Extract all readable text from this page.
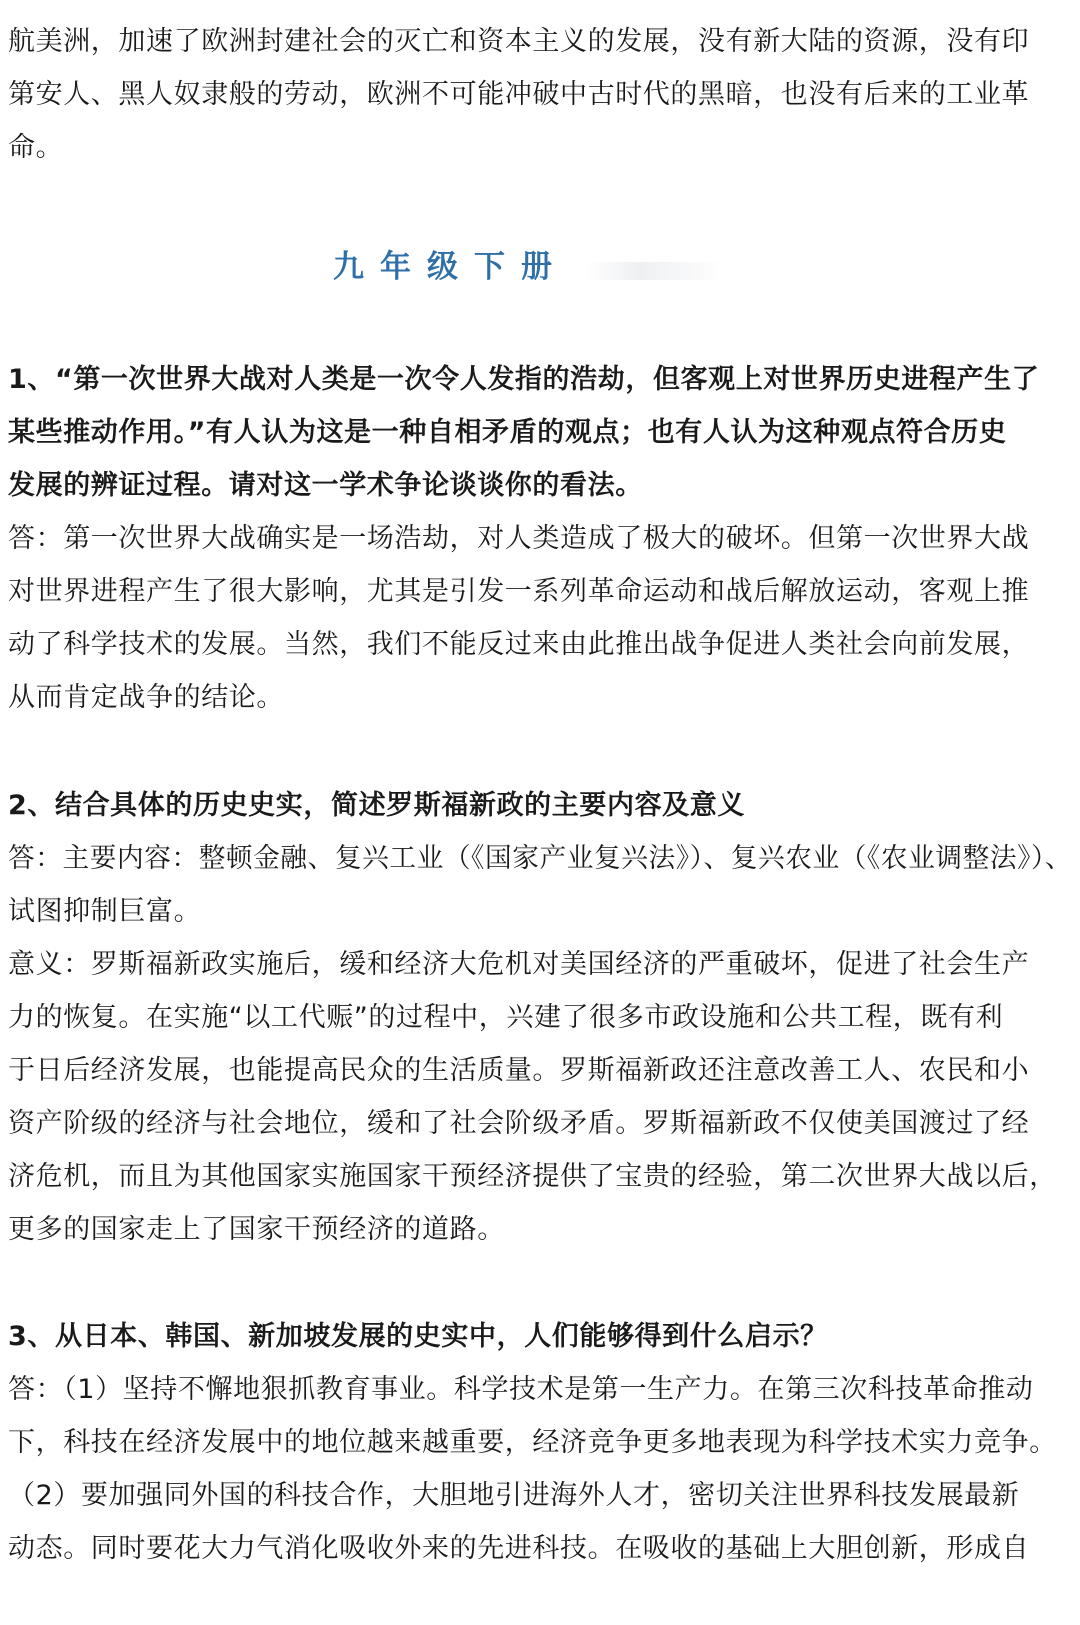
航美洲，加速了欧洲封建社会的灭亡和资本主义的发展，没有新大陆的资源，没有印
第安人、黑人奴隶般的劳动，欧洲不可能冲破中古时代的黑暗，也没有后来的工业革
命。
九年级下册
1、“第一次世界大战对人类是一次令人发指的浩劫，但客观上对世界历史进程产生了
某些推动作用。”有人认为这是一种自相矛盾的观点；也有人认为这种观点符合历史
发展的辨证过程。请对这一学术争论谈谈你的看法。
答：第一次世界大战确实是一场浩劫，对人类造成了极大的破坏。但第一次世界大战
对世界进程产生了很大影响，尤其是引发一系列革命运动和战后解放运动，客观上推
动了科学技术的发展。当然，我们不能反过来由此推出战争促进人类社会向前发展，
从而肯定战争的结论。
2、结合具体的历史史实，简述罗斯福新政的主要内容及意义
答：主要内容：整顿金融、复兴工业（《国家产业复兴法》）、复兴农业（《农业调整法》）、
试图抑制巨富。
意义：罗斯福新政实施后，缓和经济大危机对美国经济的严重破坏，促进了社会生产
力的恢复。在实施“以工代赈”的过程中，兴建了很多市政设施和公共工程，既有利
于日后经济发展，也能提高民众的生活质量。罗斯福新政还注意改善工人、农民和小
资产阶级的经济与社会地位，缓和了社会阶级矛盾。罗斯福新政不仅使美国渡过了经
济危机，而且为其他国家实施国家干预经济提供了宝贵的经验，第二次世界大战以后，
更多的国家走上了国家干预经济的道路。
3、从日本、韩国、新加坡发展的史实中，人们能够得到什么启示？
答：（1）坚持不懈地狠抓教育事业。科学技术是第一生产力。在第三次科技革命推动
下，科技在经济发展中的地位越来越重要，经济竞争更多地表现为科学技术实力竞争。
（2）要加强同外国的科技合作，大胆地引进海外人才，密切关注世界科技发展最新
动态。同时要花大力气消化吸收外来的先进科技。在吸收的基础上大胆创新，形成自
